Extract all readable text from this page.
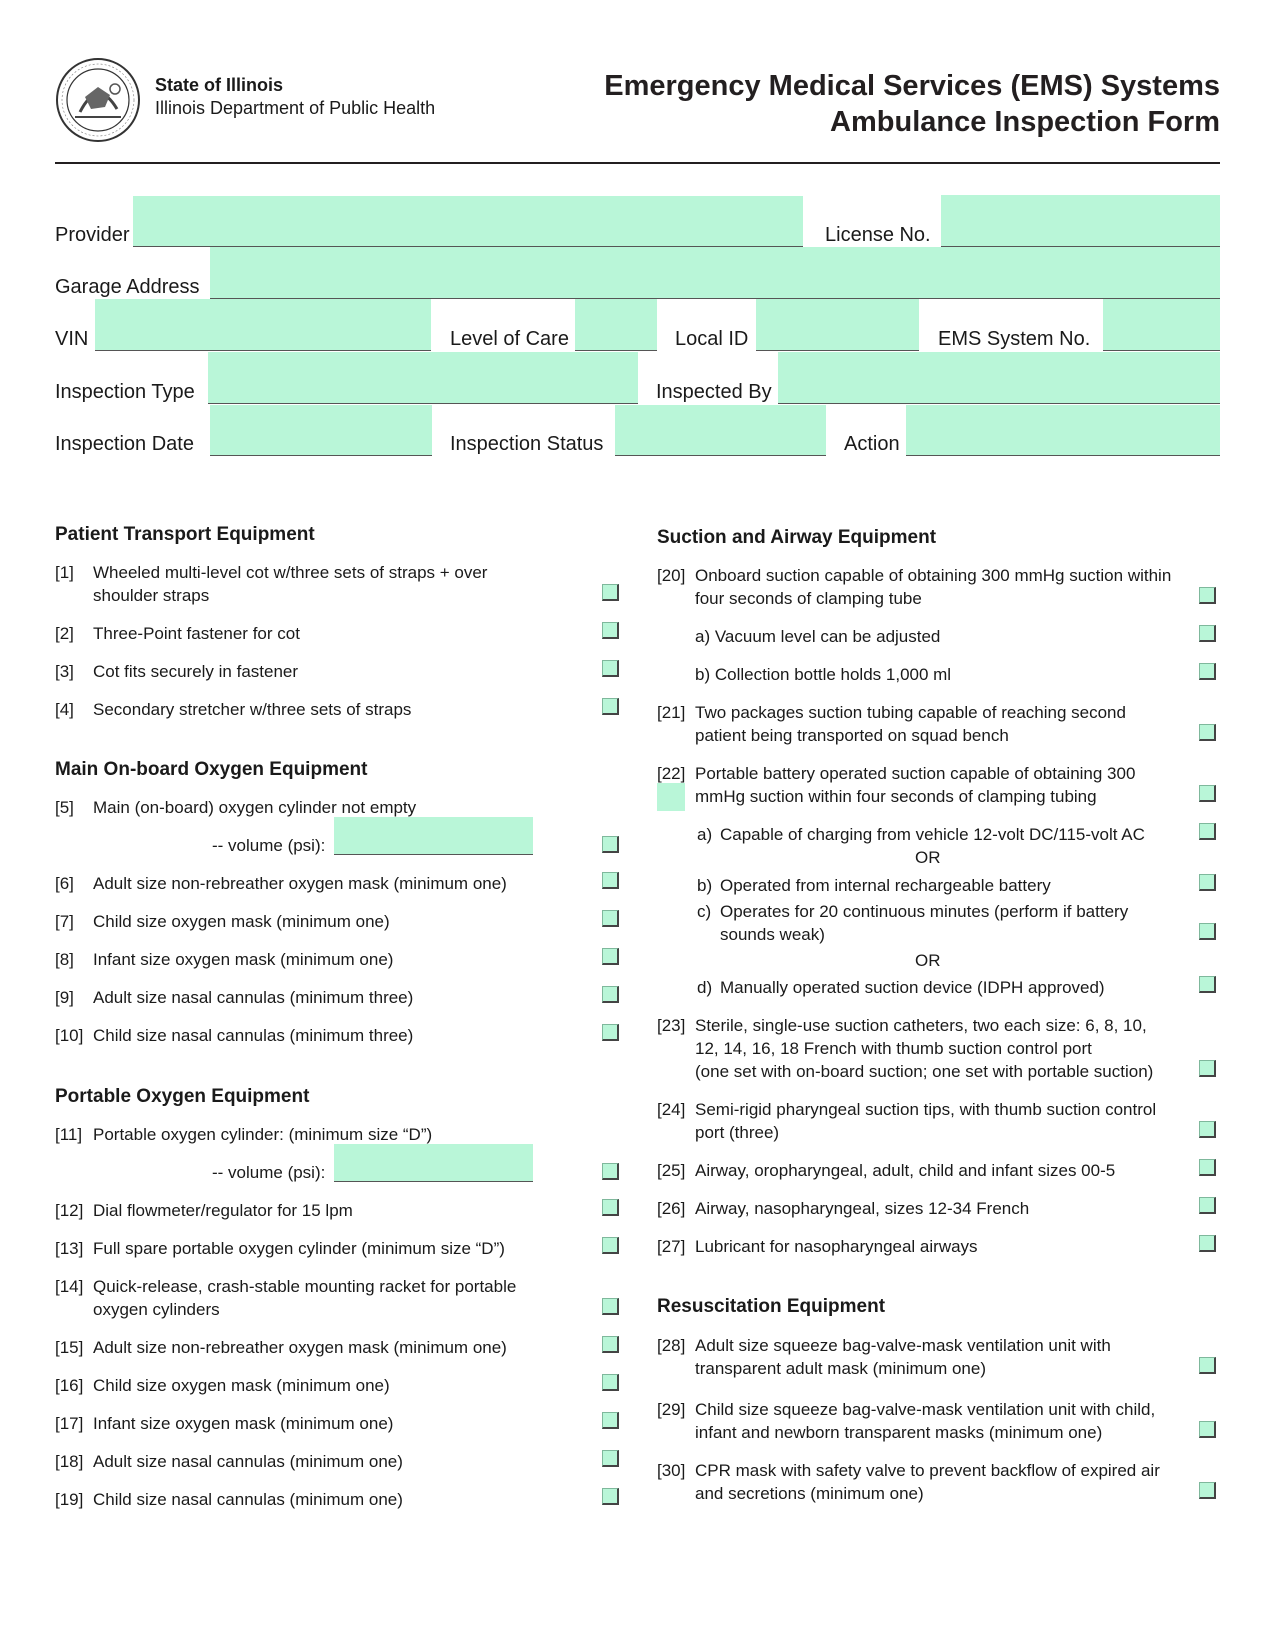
State of Illinois
Illinois Department of Public Health
Emergency Medical Services (EMS) Systems
Ambulance Inspection Form
Provider	License No.
Garage Address
VIN	Level of Care	Local ID	EMS System No.
Inspection Type	Inspected By
Inspection Date	Inspection Status	Action
Patient Transport Equipment
[1] Wheeled multi-level cot w/three sets of straps + over shoulder straps
[2] Three-Point fastener for cot
[3] Cot fits securely in fastener
[4] Secondary stretcher w/three sets of straps
Main On-board Oxygen Equipment
[5] Main (on-board) oxygen cylinder not empty
-- volume (psi):
[6] Adult size non-rebreather oxygen mask (minimum one)
[7] Child size oxygen mask (minimum one)
[8] Infant size oxygen mask (minimum one)
[9] Adult size nasal cannulas (minimum three)
[10] Child size nasal cannulas (minimum three)
Portable Oxygen Equipment
[11] Portable oxygen cylinder: (minimum size “D”)
-- volume (psi):
[12] Dial flowmeter/regulator for 15 lpm
[13] Full spare portable oxygen cylinder (minimum size “D”)
[14] Quick-release, crash-stable mounting racket for portable oxygen cylinders
[15] Adult size non-rebreather oxygen mask (minimum one)
[16] Child size oxygen mask (minimum one)
[17] Infant size oxygen mask (minimum one)
[18] Adult size nasal cannulas (minimum one)
[19] Child size nasal cannulas (minimum one)
Suction and Airway Equipment
[20] Onboard suction capable of obtaining 300 mmHg suction within four seconds of clamping tube
a) Vacuum level can be adjusted
b) Collection bottle holds 1,000 ml
[21] Two packages suction tubing capable of reaching second patient being transported on squad bench
[22] Portable battery operated suction capable of obtaining 300 mmHg suction within four seconds of clamping tubing
a) Capable of charging from vehicle 12-volt DC/115-volt AC
OR
b) Operated from internal rechargeable battery
c) Operates for 20 continuous minutes (perform if battery sounds weak)
OR
d) Manually operated suction device (IDPH approved)
[23] Sterile, single-use suction catheters, two each size: 6, 8, 10, 12, 14, 16, 18 French with thumb suction control port
(one set with on-board suction; one set with portable suction)
[24] Semi-rigid pharyngeal suction tips, with thumb suction control port (three)
[25] Airway, oropharyngeal, adult, child and infant sizes 00-5
[26] Airway, nasopharyngeal, sizes 12-34 French
[27] Lubricant for nasopharyngeal airways
Resuscitation Equipment
[28] Adult size squeeze bag-valve-mask ventilation unit with transparent adult mask (minimum one)
[29] Child size squeeze bag-valve-mask ventilation unit with child, infant and newborn transparent masks (minimum one)
[30] CPR mask with safety valve to prevent backflow of expired air and secretions (minimum one)
